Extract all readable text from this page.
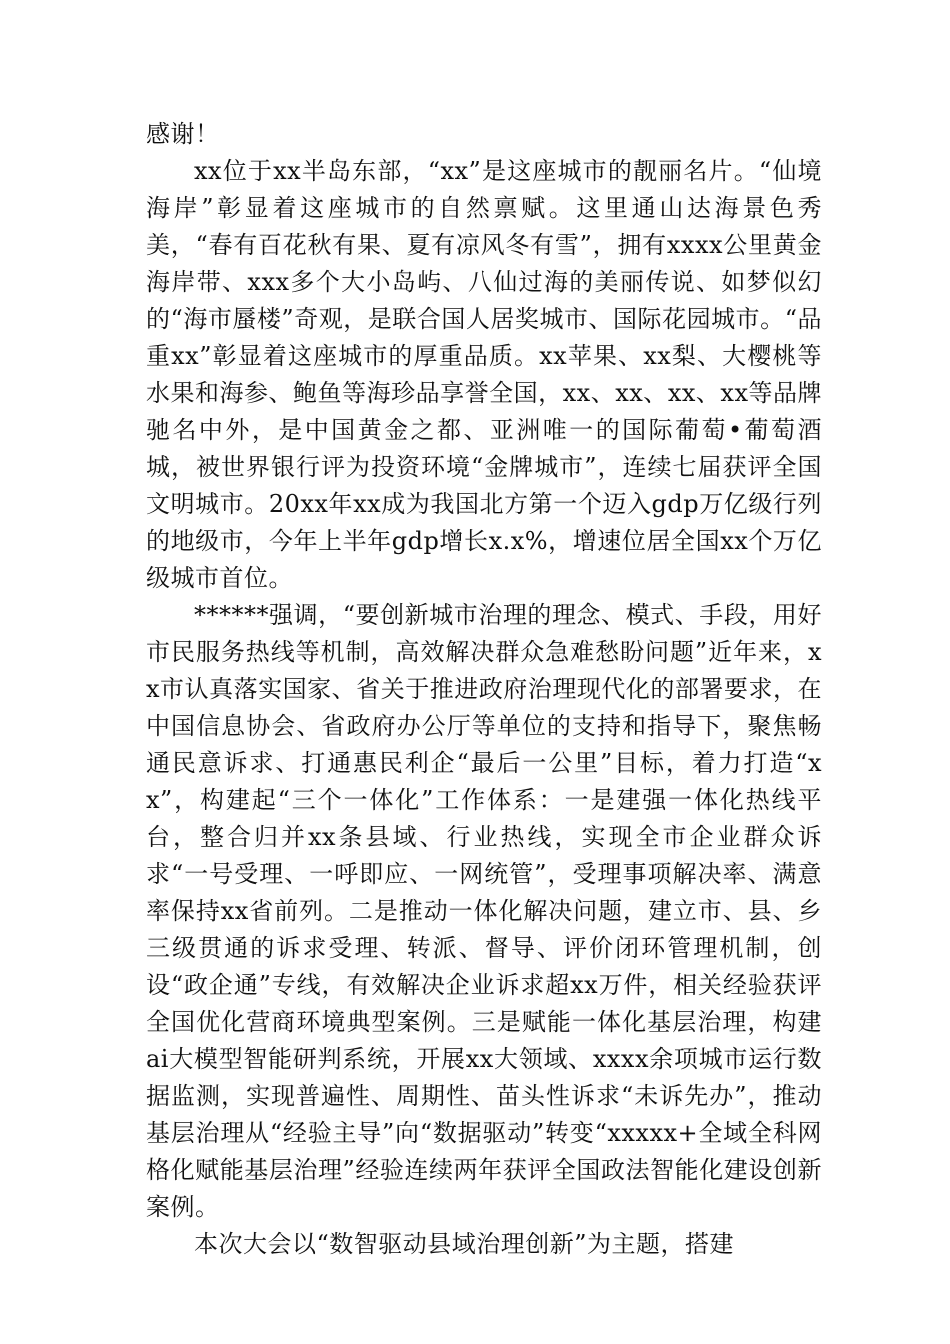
感谢！

xx位于xx半岛东部，“xx”是这座城市的靓丽名片。“仙境海岸”彰显着这座城市的自然禀赋。这里通山达海景色秀美，“春有百花秋有果、夏有凉风冬有雪”，拥有xxxx公里黄金海岸带、xxx多个大小岛屿、八仙过海的美丽传说、如梦似幻的“海市蜃楼”奇观，是联合国人居奖城市、国际花园城市。“品重xx”彰显着这座城市的厚重品质。xx苹果、xx梨、大樱桃等水果和海参、鲍鱼等海珍品享誉全国，xx、xx、xx、xx等品牌驰名中外，是中国黄金之都、亚洲唯一的国际葡萄•葡萄酒城，被世界银行评为投资环境“金牌城市”，连续七届获评全国文明城市。20xx年xx成为我国北方第一个迈入gdp万亿级行列的地级市，今年上半年gdp增长x.x%，增速位居全国xx个万亿级城市首位。

******强调，“要创新城市治理的理念、模式、手段，用好市民服务热线等机制，高效解决群众急难愁盼问题”近年来，xx市认真落实国家、省关于推进政府治理现代化的部署要求，在中国信息协会、省政府办公厅等单位的支持和指导下，聚焦畅通民意诉求、打通惠民利企“最后一公里”目标，着力打造“xx”，构建起“三个一体化”工作体系：一是建强一体化热线平台，整合归并xx条县域、行业热线，实现全市企业群众诉求“一号受理、一呼即应、一网统管”，受理事项解决率、满意率保持xx省前列。二是推动一体化解决问题，建立市、县、乡三级贯通的诉求受理、转派、督导、评价闭环管理机制，创设“政企通”专线，有效解决企业诉求超xx万件，相关经验获评全国优化营商环境典型案例。三是赋能一体化基层治理，构建ai大模型智能研判系统，开展xx大领域、xxxx余项城市运行数据监测，实现普遍性、周期性、苗头性诉求“未诉先办”，推动基层治理从“经验主导”向“数据驱动”转变“xxxxx+全域全科网格化赋能基层治理”经验连续两年获评全国政法智能化建设创新案例。

本次大会以“数智驱动县域治理创新”为主题，搭建
